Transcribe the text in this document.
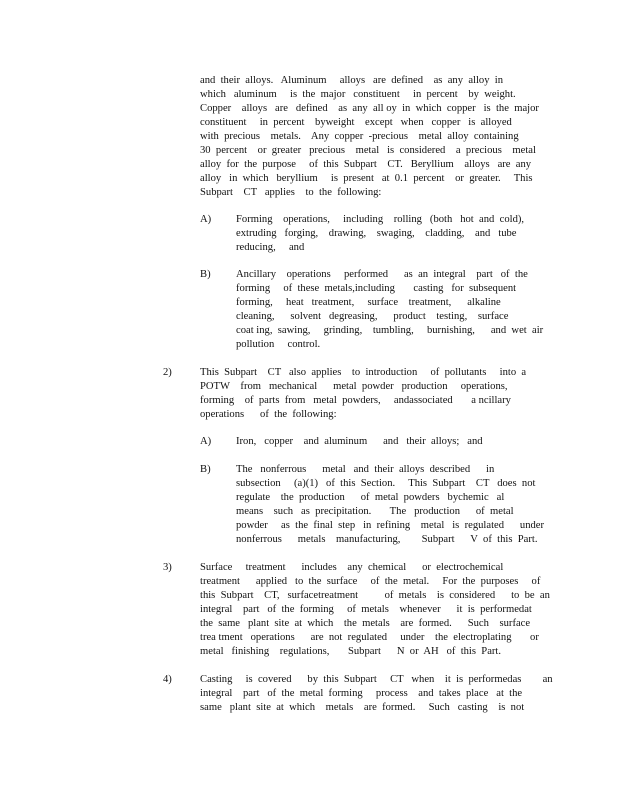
and  their  alloys.   Aluminum     alloys   are  defined    as  any  alloy  in
which   aluminum     is  the  major   constituent     in  percent    by  weight.
Copper    alloys   are   defined    as  any  all oy  in  which  copper   is  the  major
constituent     in  percent    byweight    except   when   copper   is  alloyed
with  precious    metals.    Any  copper  -precious    metal  alloy  containing
30  percent    or  greater   precious    metal   is  considered    a  precious    metal
alloy  for  the  purpose     of  this  Subpart    CT.   Beryllium    alloys   are  any
alloy   in  which   beryllium     is  present   at  0.1  percent    or  greater.     This
Subpart    CT   applies    to  the  following:
A) Forming    operations,     including    rolling   (both   hot  and  cold),
extruding   forging,    drawing,    swaging,    cladding,    and   tube
reducing,     and
B) Ancillary    operations     performed      as  an  integral    part   of  the
forming     of  these  metals,including       casting   for  subsequent
forming,     heat   treatment,     surface    treatment,      alkaline
cleaning,      solvent   degreasing,      product    testing,    surface
coat ing,  sawing,     grinding,    tumbling,     burnishing,      and  wet  air
pollution     control.
2)	This  Subpart    CT   also  applies    to  introduction     of  pollutants     into  a
POTW    from   mechanical      metal  powder   production     operations,
forming    of  parts  from   metal  powders,     andassociated       a ncillary
operations      of  the  following:
A) Iron,   copper    and  aluminum      and   their  alloys;   and
B) The   nonferrous      metal   and  their  alloys  described      in
subsection     (a)(1)   of  this  Section.     This  Subpart    CT   does  not
regulate    the  production      of  metal  powders   bychemic   al
means    such   as  precipitation.       The   production      of  metal
powder     as  the  final  step   in  refining    metal   is  regulated      under
nonferrous      metals    manufacturing,        Subpart      V  of  this  Part.
3)	Surface     treatment      includes    any  chemical      or  electrochemical
treatment      applied   to  the  surface     of  the  metal.     For  the  purposes     of
this  Subpart    CT,   surfacetreatment          of  metals    is  considered      to  be  an
integral    part   of  the  forming     of  metals    whenever      it  is  performedat
the  same   plant  site  at  which    the  metals    are  formed.      Such    surface
trea tment   operations      are  not  regulated     under    the  electroplating       or
metal   finishing    regulations,       Subpart      N  or  AH   of  this  Part.
4)	Casting     is  covered      by  this  Subpart     CT   when    it  is  performedas        an
integral    part   of  the  metal  forming     process    and  takes  place   at  the
same   plant  site  at  which    metals    are  formed.     Such   casting    is  not
